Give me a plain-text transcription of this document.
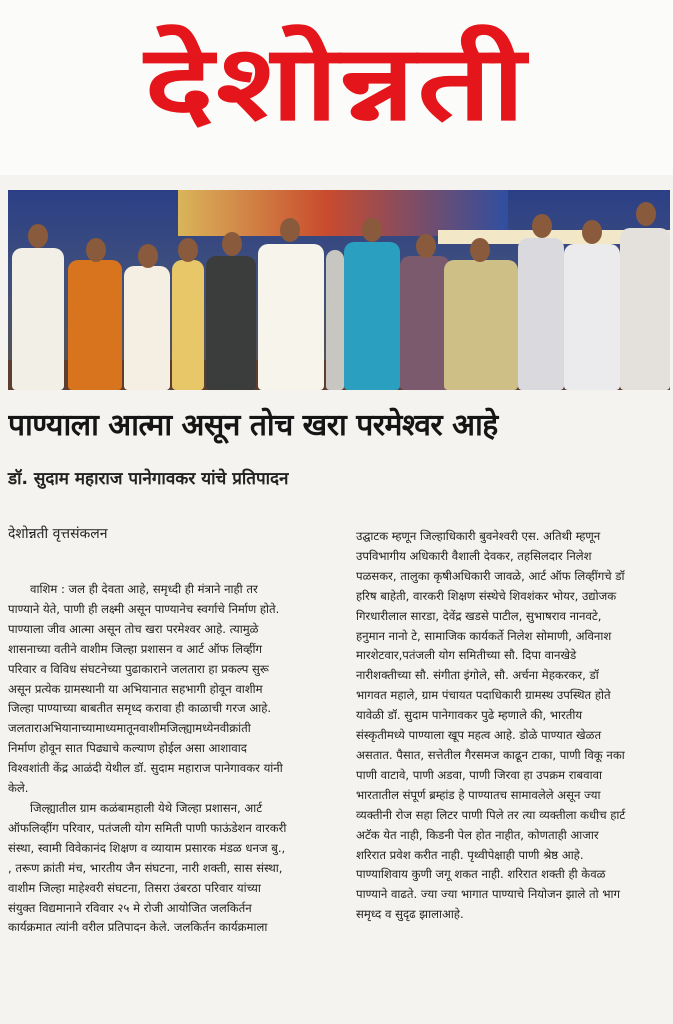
देशोन्नती
पाण्याला आत्मा असून तोच खरा परमेश्वर आहे
डॉ. सुदाम महाराज पानेगावकर यांचे प्रतिपादन
देशोन्नती वृत्तसंकलन
वाशिम : जल ही देवता आहे, समृध्दी ही मंत्राने नाही तर
पाण्याने येते, पाणी ही लक्ष्मी असून पाण्यानेच स्वर्गाचे निर्माण होते.
पाण्याला जीव आत्मा असून तोच खरा परमेश्वर आहे. त्यामुळे
शासनाच्या वतीने वाशीम जिल्हा प्रशासन व आर्ट ऑफ लिव्हींग
परिवार व विविध संघटनेच्या पुढाकाराने जलतारा हा प्रकल्प सुरू
असून प्रत्येक ग्रामस्थानी या अभियानात सहभागी होवून वाशीम
जिल्हा पाण्याच्या बाबतीत समृध्द करावा ही काळाची गरज आहे.
जलताराअभियानाच्यामाध्यमातूनवाशीमजिल्ह्यामध्येनवीक्रांती
निर्माण होवून सात पिढ्याचे कल्याण होईल असा आशावाद
विश्वशांती केंद्र आळंदी येथील डॉ. सुदाम महाराज पानेगावकर यांनी
केले.
जिल्ह्यातील ग्राम कळंबामहाली येथे जिल्हा प्रशासन, आर्ट
ऑफलिव्हींग परिवार, पतंजली योग समिती पाणी फाऊंडेशन वारकरी
संस्था, स्वामी विवेकानंद शिक्षण व व्यायाम प्रसारक मंडळ धनज बु.,
, तरूण क्रांती मंच, भारतीय जैन संघटना, नारी शक्ती, सास संस्था,
वाशीम जिल्हा माहेश्वरी संघटना, तिसरा उंबरठा परिवार यांच्या
संयुक्त विद्यमानाने रविवार २५ मे रोजी आयोजित जलकिर्तन
कार्यक्रमात त्यांनी वरील प्रतिपादन केले. जलकिर्तन कार्यक्रमाला
उद्घाटक म्हणून जिल्हाधिकारी बुवनेश्वरी एस. अतिथी म्हणून
उपविभागीय अधिकारी वैशाली देवकर, तहसिलदार निलेश
पळसकर, तालुका कृषीअधिकारी जावळे, आर्ट ऑफ लिव्हींगचे डॉ
हरिष बाहेती, वारकरी शिक्षण संस्थेचे शिवशंकर भोयर, उद्योजक
गिरधारीलाल सारडा, देवेंद्र खडसे पाटील, सुभाषराव नानवटे,
हनुमान नानो टे, सामाजिक कार्यकर्ते निलेश सोमाणी, अविनाश
मारशेटवार,पतंजली योग समितीच्या सौ. दिपा वानखेडे
नारीशक्तीच्या सौ. संगीता इंगोले, सौ. अर्चना मेहकरकर, डॉ
भागवत महाले, ग्राम पंचायत पदाधिकारी ग्रामस्थ उपस्थित होते
यावेळी डॉ. सुदाम पानेगावकर पुढे म्हणाले की, भारतीय
संस्कृतीमध्ये पाण्याला खूप महत्व आहे. डोळे पाण्यात खेळत
असतात. पैसात, सत्तेतील गैरसमज काढून टाका, पाणी विकू नका
पाणी वाटावे, पाणी अडवा, पाणी जिरवा हा उपक्रम राबवावा
भारतातील संपूर्ण ब्रम्हांड हे पाण्यातच सामावलेले असून ज्या
व्यक्तीनी रोज सहा लिटर पाणी पिले तर त्या व्यक्तीला कधीच हार्ट
अटॅक येत नाही, किडनी पेल होत नाहीत, कोणताही आजार
शरिरात प्रवेश करीत नाही. पृथ्वीपेक्षाही पाणी श्रेष्ठ आहे.
पाण्याशिवाय कुणी जगू शकत नाही. शरिरात शक्ती ही केवळ
पाण्याने वाढते. ज्या ज्या भागात पाण्याचे नियोजन झाले तो भाग
समृध्द व सुदृढ झालाआहे.
